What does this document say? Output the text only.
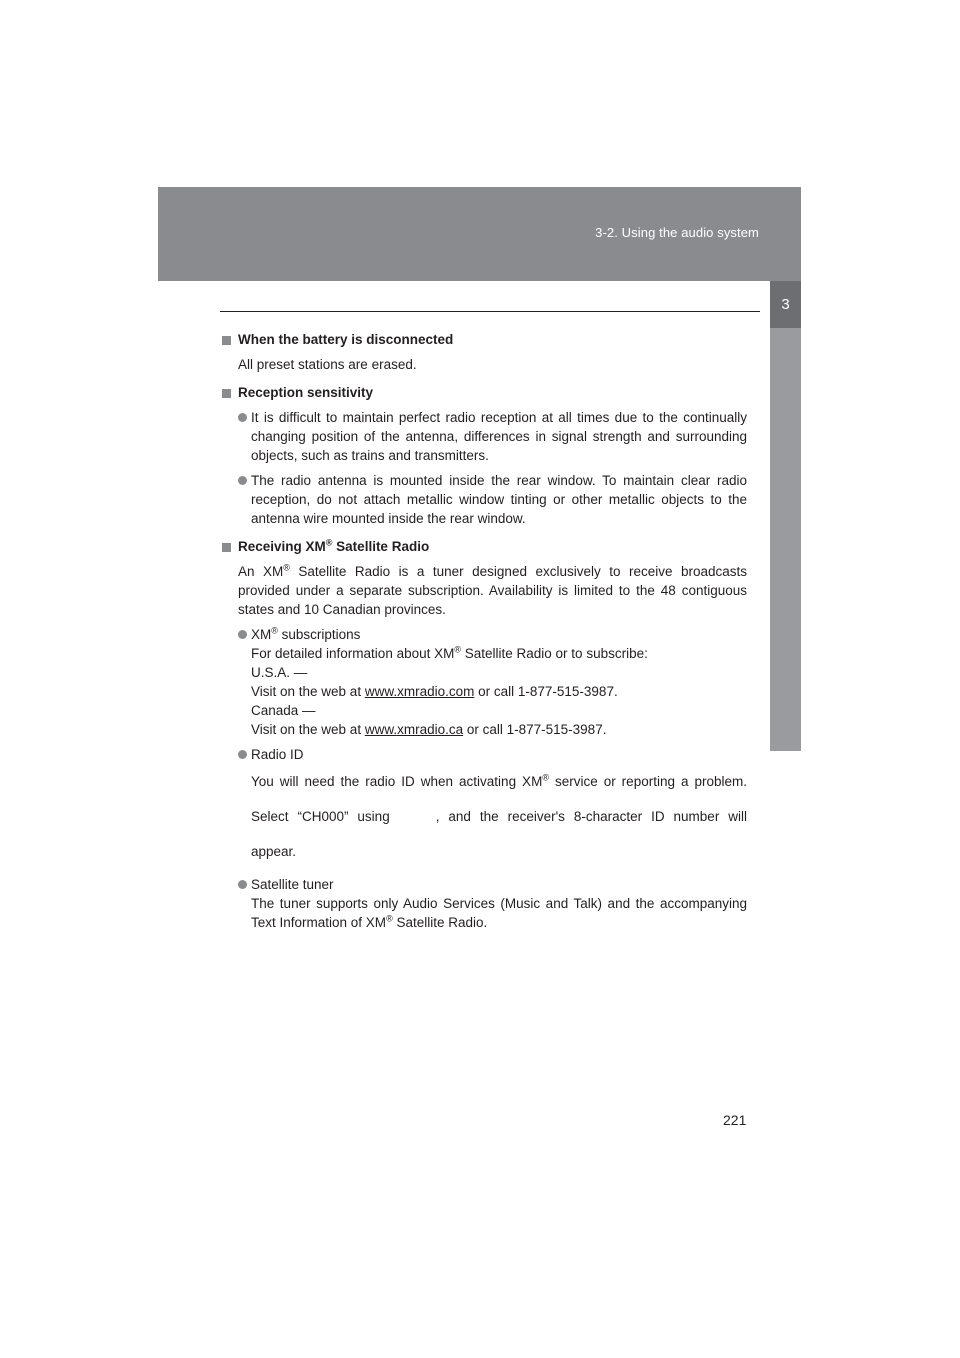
3-2. Using the audio system
3
Interior features

When the battery is disconnected

All preset stations are erased.

Reception sensitivity

It is difficult to maintain perfect radio reception at all times due to the continually changing position of the antenna, differences in signal strength and surrounding objects, such as trains and transmitters.
The radio antenna is mounted inside the rear window. To maintain clear radio reception, do not attach metallic window tinting or other metallic objects to the antenna wire mounted inside the rear window.

Receiving XM® Satellite Radio

An XM® Satellite Radio is a tuner designed exclusively to receive broadcasts provided under a separate subscription. Availability is limited to the 48 contiguous states and 10 Canadian provinces.

XM® subscriptions
For detailed information about XM® Satellite Radio or to subscribe:
U.S.A. —
Visit on the web at www.xmradio.com or call 1-877-515-3987.
Canada —
Visit on the web at www.xmradio.ca or call 1-877-515-3987.
Radio ID
You will need the radio ID when activating XM® service or reporting a problem. Select “CH000” using	, and the receiver's 8-character ID number will appear.
Satellite tuner
The tuner supports only Audio Services (Music and Talk) and the accompanying Text Information of XM® Satellite Radio.
221
